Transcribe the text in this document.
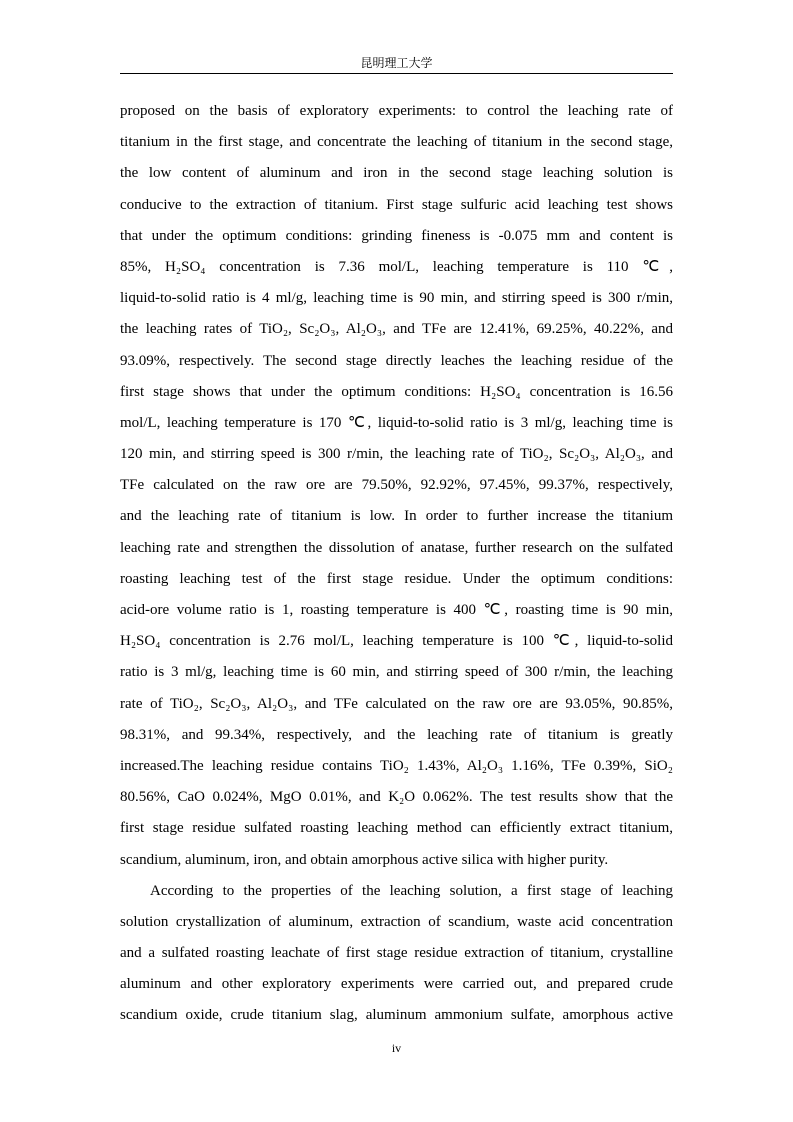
昆明理工大学
proposed on the basis of exploratory experiments: to control the leaching rate of
titanium in the first stage, and concentrate the leaching of titanium in the second stage,
the low content of aluminum and iron in the second stage leaching solution is
conducive to the extraction of titanium. First stage sulfuric acid leaching test shows
that under the optimum conditions: grinding fineness is -0.075 mm and content is
85%, H₂SO₄ concentration is 7.36 mol/L, leaching temperature is 110 ℃,
liquid-to-solid ratio is 4 ml/g, leaching time is 90 min, and stirring speed is 300 r/min,
the leaching rates of TiO₂, Sc₂O₃, Al₂O₃, and TFe are 12.41%, 69.25%, 40.22%, and
93.09%, respectively. The second stage directly leaches the leaching residue of the
first stage shows that under the optimum conditions: H₂SO₄ concentration is 16.56
mol/L, leaching temperature is 170 ℃, liquid-to-solid ratio is 3 ml/g, leaching time is
120 min, and stirring speed is 300 r/min, the leaching rate of TiO₂, Sc₂O₃, Al₂O₃, and
TFe calculated on the raw ore are 79.50%, 92.92%, 97.45%, 99.37%, respectively,
and the leaching rate of titanium is low. In order to further increase the titanium
leaching rate and strengthen the dissolution of anatase, further research on the sulfated
roasting leaching test of the first stage residue. Under the optimum conditions:
acid-ore volume ratio is 1, roasting temperature is 400 ℃, roasting time is 90 min,
H₂SO₄ concentration is 2.76 mol/L, leaching temperature is 100 ℃, liquid-to-solid
ratio is 3 ml/g, leaching time is 60 min, and stirring speed of 300 r/min, the leaching
rate of TiO₂, Sc₂O₃, Al₂O₃, and TFe calculated on the raw ore are 93.05%, 90.85%,
98.31%, and 99.34%, respectively, and the leaching rate of titanium is greatly
increased.The leaching residue contains TiO₂ 1.43%, Al₂O₃ 1.16%, TFe 0.39%, SiO₂
80.56%, CaO 0.024%, MgO 0.01%, and K₂O 0.062%. The test results show that the
first stage residue sulfated roasting leaching method can efficiently extract titanium,
scandium, aluminum, iron, and obtain amorphous active silica with higher purity.
According to the properties of the leaching solution, a first stage of leaching
solution crystallization of aluminum, extraction of scandium, waste acid concentration
and a sulfated roasting leachate of first stage residue extraction of titanium, crystalline
aluminum and other exploratory experiments were carried out, and prepared crude
scandium oxide, crude titanium slag, aluminum ammonium sulfate, amorphous active
iv
